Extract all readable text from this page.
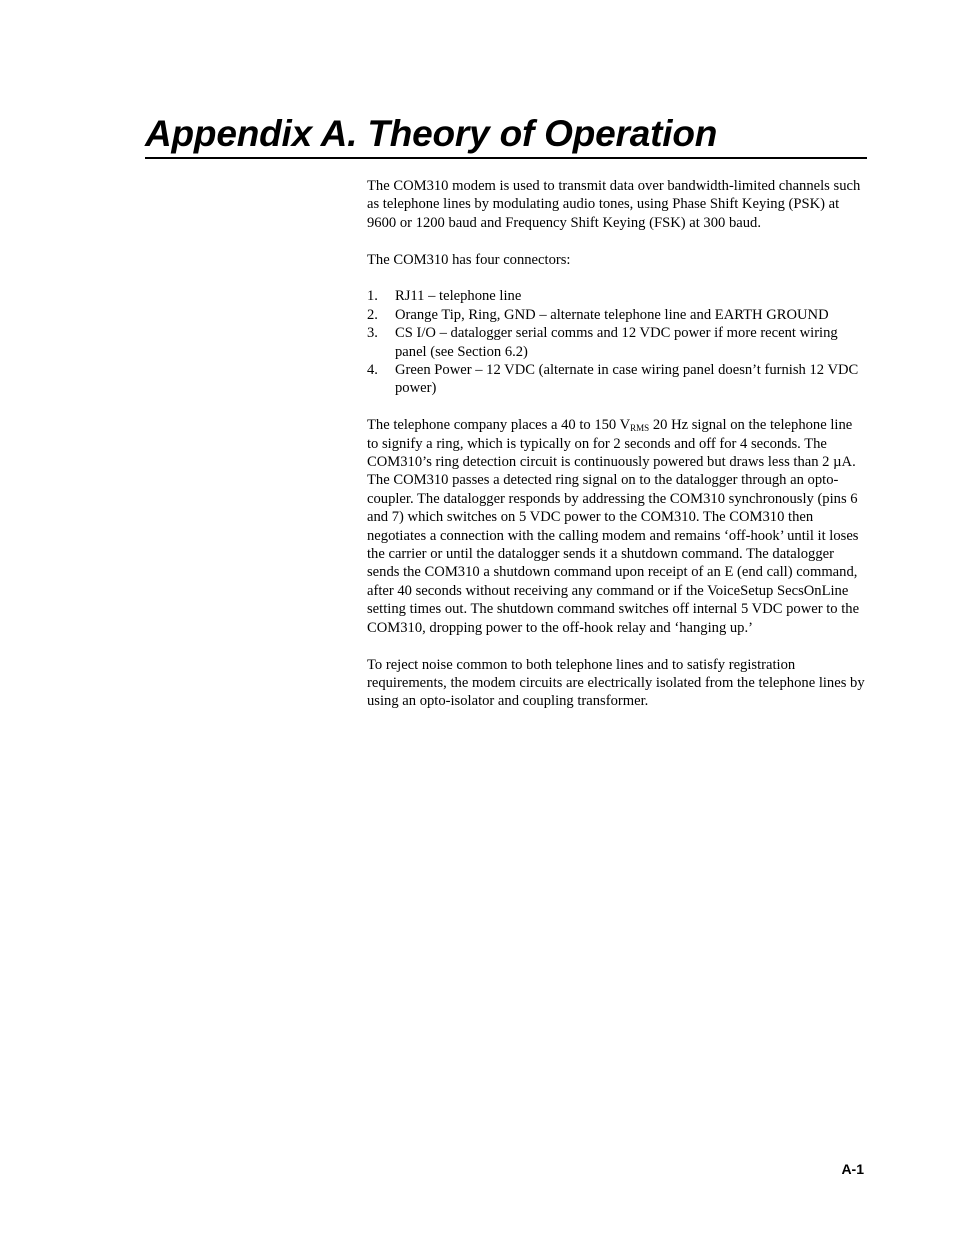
Appendix A. Theory of Operation

The COM310 modem is used to transmit data over bandwidth-limited channels such as telephone lines by modulating audio tones, using Phase Shift Keying (PSK) at 9600 or 1200 baud and Frequency Shift Keying (FSK) at 300 baud.

The COM310 has four connectors:

1. RJ11 – telephone line
2. Orange Tip, Ring, GND – alternate telephone line and EARTH GROUND
3. CS I/O – datalogger serial comms and 12 VDC power if more recent wiring panel (see Section 6.2)
4. Green Power – 12 VDC (alternate in case wiring panel doesn’t furnish 12 VDC power)

The telephone company places a 40 to 150 $V_{RMS}$ 20 Hz signal on the telephone line to signify a ring, which is typically on for 2 seconds and off for 4 seconds. The COM310’s ring detection circuit is continuously powered but draws less than 2 µA. The COM310 passes a detected ring signal on to the datalogger through an opto-coupler. The datalogger responds by addressing the COM310 synchronously (pins 6 and 7) which switches on 5 VDC power to the COM310. The COM310 then negotiates a connection with the calling modem and remains ‘off-hook’ until it loses the carrier or until the datalogger sends it a shutdown command. The datalogger sends the COM310 a shutdown command upon receipt of an E (end call) command, after 40 seconds without receiving any command or if the VoiceSetup SecsOnLine setting times out. The shutdown command switches off internal 5 VDC power to the COM310, dropping power to the off-hook relay and ‘hanging up.’

To reject noise common to both telephone lines and to satisfy registration requirements, the modem circuits are electrically isolated from the telephone lines by using an opto-isolator and coupling transformer.

A-1
